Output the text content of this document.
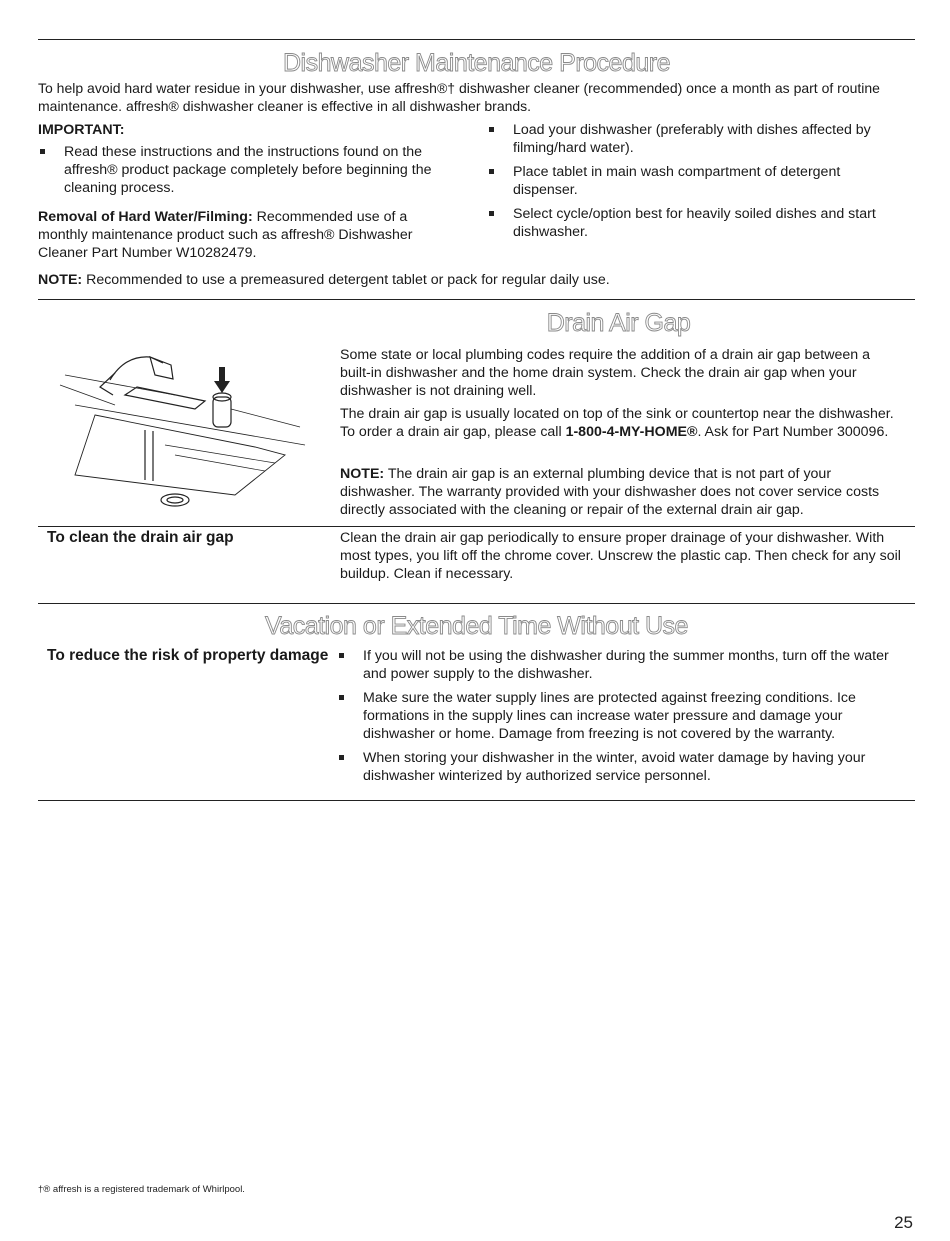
Dishwasher Maintenance Procedure

To help avoid hard water residue in your dishwasher, use affresh®† dishwasher cleaner (recommended) once a month as part of routine maintenance. affresh® dishwasher cleaner is effective in all dishwasher brands.

IMPORTANT:

Read these instructions and the instructions found on the affresh® product package completely before beginning the cleaning process.

Removal of Hard Water/Filming: Recommended use of a monthly maintenance product such as affresh® Dishwasher Cleaner Part Number W10282479.

Load your dishwasher (preferably with dishes affected by filming/hard water).
Place tablet in main wash compartment of detergent dispenser.
Select cycle/option best for heavily soiled dishes and start dishwasher.

NOTE: Recommended to use a premeasured detergent tablet or pack for regular daily use.

Drain Air Gap

Some state or local plumbing codes require the addition of a drain air gap between a built-in dishwasher and the home drain system. Check the drain air gap when your dishwasher is not draining well.

The drain air gap is usually located on top of the sink or countertop near the dishwasher. To order a drain air gap, please call 1-800-4-MY-HOME®. Ask for Part Number 300096.

NOTE: The drain air gap is an external plumbing device that is not part of your dishwasher. The warranty provided with your dishwasher does not cover service costs directly associated with the cleaning or repair of the external drain air gap.

To clean the drain air gap	Clean the drain air gap periodically to ensure proper drainage of your dishwasher. With most types, you lift off the chrome cover. Unscrew the plastic cap. Then check for any soil buildup. Clean if necessary.

Vacation or Extended Time Without Use
To reduce the risk of property damage	If you will not be using the dishwasher during the summer months, turn off the water and power supply to the dishwasher.
Make sure the water supply lines are protected against freezing conditions. Ice formations in the supply lines can increase water pressure and damage your dishwasher or home. Damage from freezing is not covered by the warranty.
When storing your dishwasher in the winter, avoid water damage by having your dishwasher winterized by authorized service personnel.
†® affresh is a registered trademark of Whirlpool.
25
